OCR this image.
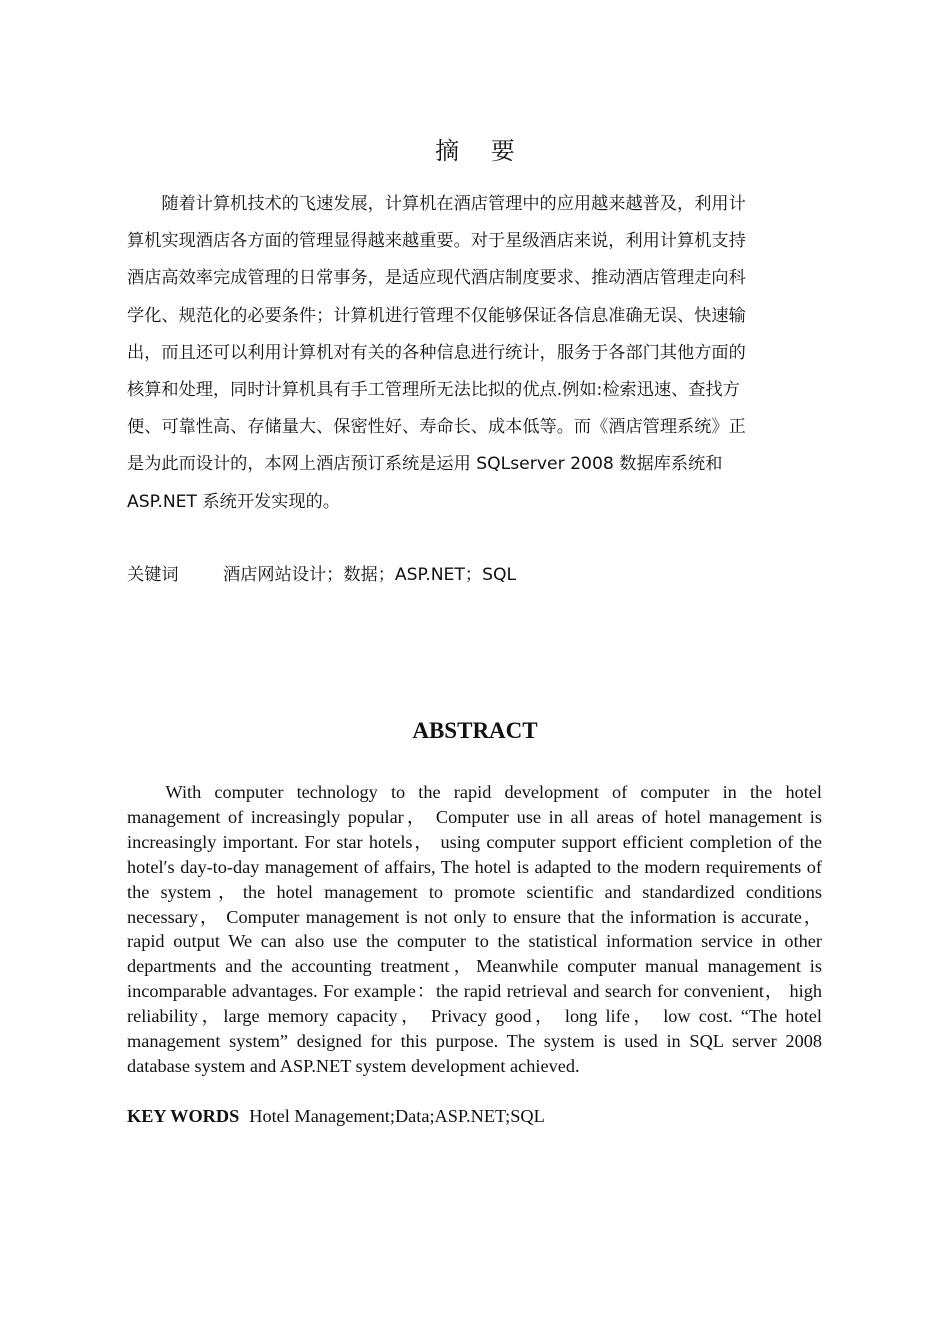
摘 要

随着计算机技术的飞速发展，计算机在酒店管理中的应用越来越普及，利用计
算机实现酒店各方面的管理显得越来越重要。对于星级酒店来说，利用计算机支持
酒店高效率完成管理的日常事务，是适应现代酒店制度要求、推动酒店管理走向科
学化、规范化的必要条件；计算机进行管理不仅能够保证各信息准确无误、快速输
出，而且还可以利用计算机对有关的各种信息进行统计，服务于各部门其他方面的
核算和处理，同时计算机具有手工管理所无法比拟的优点.例如:检索迅速、查找方
便、可靠性高、存储量大、保密性好、寿命长、成本低等。而《酒店管理系统》正
是为此而设计的，本网上酒店预订系统是运用 SQLserver 2008 数据库系统和
ASP.NET 系统开发实现的。

关键词	酒店网站设计；数据；ASP.NET；SQL
ABSTRACT

With computer technology to the rapid development of computer in the hotel management of increasingly popular， Computer use in all areas of hotel management is increasingly important. For star hotels， using computer support efficient completion of the hotel′s day-to-day management of affairs, The hotel is adapted to the modern requirements of the system，the hotel management to promote scientific and standardized conditions necessary， Computer management is not only to ensure that the information is accurate， rapid output We can also use the computer to the statistical information service in other departments and the accounting treatment，Meanwhile computer manual management is incomparable advantages. For example：the rapid retrieval and search for convenient， high reliability，large memory capacity， Privacy good， long life， low cost. “The hotel management system” designed for this purpose. The system is used in SQL server 2008 database system and ASP.NET system development achieved.

KEY WORDS Hotel Management;Data;ASP.NET;SQL
